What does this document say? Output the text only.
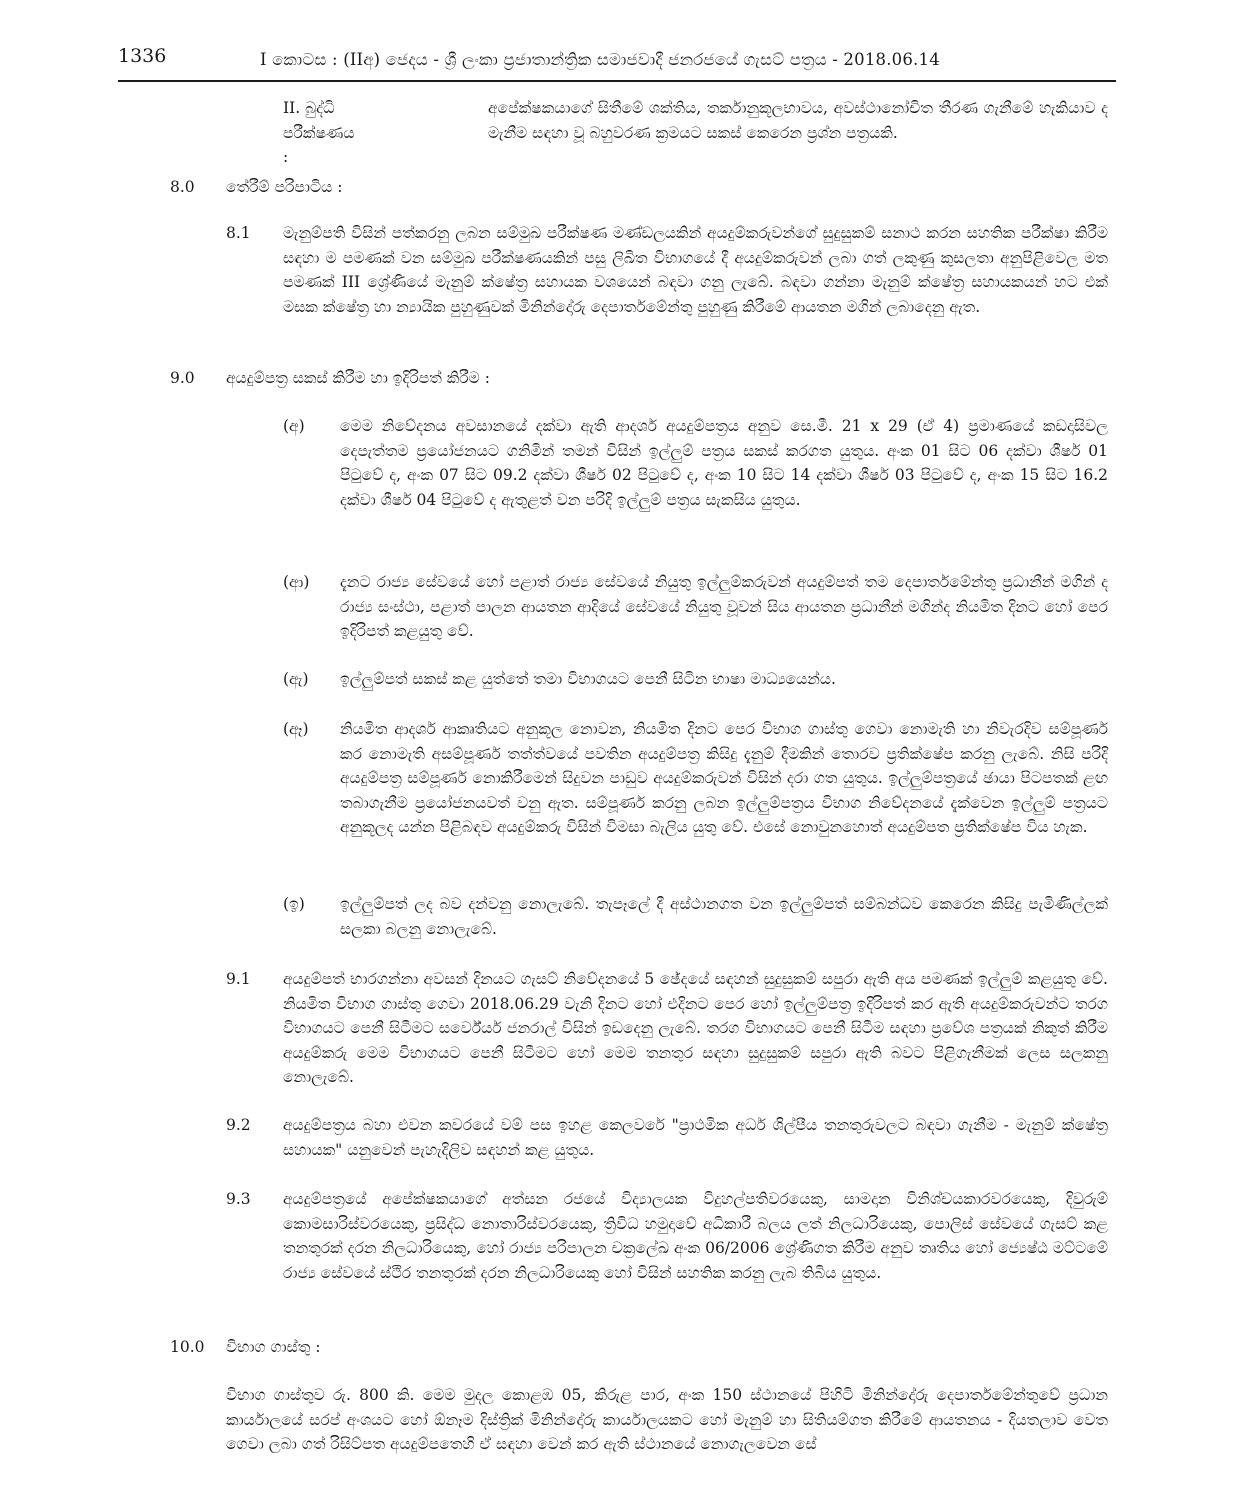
1336	I කොටස : (IIඅ) ජෙදය - ශ්‍රී ලංකා ප්‍රජාතාන්ත්‍රික සමාජවාදී ජනරජයේ ගැසට් පත්‍රය - 2018.06.14
II. බුද්ධි පරීක්ෂණය :
අපේක්ෂකයාගේ සිතීමේ ශක්තිය, තර්කානුකූලභාවය, අවස්ථානෝචිත තීරණ ගැනීමේ හැකියාව ද මැනීම සඳහා වූ බහුවරණ ක්‍රමයට සකස් කෙරෙන ප්‍රශ්න පත්‍රයකි.
8.0 තේරීම් පරිපාටිය :
8.1 මැනුම්පති විසින් පත්කරනු ලබන සම්මුඛ පරීක්ෂණ මණ්ඩලයකින් අයදුම්කරුවන්ගේ සුදුසුකම් සනාථ කරන සහතික පරීක්ෂා කිරීම සඳහා ම පමණක් වන සම්මුඛ පරීක්ෂණයකින් පසු ලිඛිත විභාගයේ දී අයදුම්කරුවන් ලබා ගත් ලකුණු කුසලතා අනුපිළිවෙල මත පමණක් III ශ්‍රේණියේ මැනුම් ක්ෂේත්‍ර සහායක වශයෙන් බඳවා ගනු ලැබේ. බඳවා ගන්නා මැනුම් ක්ෂේත්‍ර සහායකයන් හට එක් මසක ක්ෂේත්‍ර හා න්‍යායික පුහුණුවක් මිනින්දෝරු දෙපාර්තමේන්තු පුහුණු කිරීමේ ආයතන මගින් ලබාදෙනු ඇත.
9.0 අයදුම්පත්‍ර සකස් කිරීම හා ඉදිරිපත් කිරීම :
(අ) මෙම නිවේදනය අවසානයේ දක්වා ඇති ආදර්ශ අයදුම්පත්‍රය අනුව සෙ.මී. 21 x 29 (ඒ 4) ප්‍රමාණයේ කඩදාසිවල දෙපැත්තම ප්‍රයෝජනයට ගනිමින් තමන් විසින් ඉල්ලුම් පත්‍රය සකස් කරගත යුතුය. අංක 01 සිට 06 දක්වා ශීර්ෂ 01 පිටුවේ ද, අංක 07 සිට 09.2 දක්වා ශීර්ෂ 02 පිටුවේ ද, අංක 10 සිට 14 දක්වා ශීර්ෂ 03 පිටුවේ ද, අංක 15 සිට 16.2 දක්වා ශීර්ෂ 04 පිටුවේ ද ඇතුළත් වන පරිදි ඉල්ලුම් පත්‍රය සැකසිය යුතුය.
(ආ) දැනට රාජ්‍ය සේවයේ හෝ පළාත් රාජ්‍ය සේවයේ නියුතු ඉල්ලුම්කරුවන් අයදුම්පත් තම දෙපාර්තමේන්තු ප්‍රධානීන් මගින් ද රාජ්‍ය සංස්ථා, පළාත් පාලන ආයතන ආදියේ සේවයේ නියුතු වූවන් සිය ආයතන ප්‍රධානීන් මගින්ද නියමිත දිනට හෝ පෙර ඉදිරිපත් කළයුතු වේ.
(ඇ) ඉල්ලුම්පත් සකස් කළ යුත්තේ තමා විභාගයට පෙනී සිටින භාෂා මාධ්‍යයෙන්ය.
(ඈ) නියමිත ආදර්ශ ආකෘතියට අනුකූල නොවන, නියමිත දිනට පෙර විභාග ගාස්තු ගෙවා නොමැති හා නිවැරදිව සම්පූර්ණ කර නොමැති අසම්පූර්ණ තත්ත්වයේ පවතින අයදුම්පත්‍ර කිසිදු දැනුම් දීමකින් තොරව ප්‍රතික්ෂේප කරනු ලැබේ. නිසි පරිදි අයදුම්පත්‍ර සම්පූර්ණ නොකිරීමෙන් සිදුවන පාඩුව අයදුම්කරුවන් විසින් දරා ගත යුතුය. ඉල්ලුම්පත්‍රයේ ඡායා පිටපතක් ළඟ තබාගැනීම ප්‍රයෝජනයවත් වනු ඇත. සම්පූර්ණ කරනු ලබන ඉල්ලුම්පත්‍රය විභාග නිවේදනයේ දැක්වෙන ඉල්ලුම් පත්‍රයට අනුකූලද යන්න පිළිබඳව අයදුම්කරු විසින් විමසා බැලිය යුතු වේ. එසේ නොවුනහොත් අයදුම්පත ප්‍රතික්ෂේප විය හැක.
(ඉ) ඉල්ලුම්පත් ලද බව දන්වනු නොලැබේ. තැපෑලේ දී අස්ථානගත වන ඉල්ලුම්පත් සම්බන්ධව කෙරෙන කිසිදු පැමිණිල්ලක් සලකා බලනු නොලැබේ.
9.1 අයදුම්පත් භාරගන්නා අවසන් දිනයට ගැසට් නිවේදනයේ 5 ඡේදයේ සඳහන් සුදුසුකම් සපුරා ඇති අය පමණක් ඉල්ලුම් කළයුතු වේ. නියමිත විභාග ගාස්තු ගෙවා 2018.06.29 වැනි දිනට හෝ එදිනට පෙර හෝ ඉල්ලුම්පත්‍ර ඉදිරිපත් කර ඇති අයදුම්කරුවන්ට තරග විභාගයට පෙනී සිටීමට සර්වේයර් ජනරාල් විසින් ඉඩදෙනු ලැබේ. තරග විභාගයට පෙනී සිටීම සඳහා ප්‍රවේශ පත්‍රයක් නිකුත් කිරීම අයදුම්කරු මෙම විභාගයට පෙනී සිටීමට හෝ මෙම තනතුර සඳහා සුදුසුකම් සපුරා ඇති බවට පිළිගැනීමක් ලෙස සලකනු නොලැබේ.
9.2 අයදුම්පත්‍රය බහා එවන කවරයේ වම් පස ඉහළ කෙලවරේ "ප්‍රාථමික අර්ධ ශිල්පීය තනතුරුවලට බඳවා ගැනීම - මැනුම් ක්ෂේත්‍ර සහායක" යනුවෙන් පැහැදිලිව සඳහන් කළ යුතුය.
9.3 අයදුම්පත්‍රයේ අපේක්ෂකයාගේ අත්සන රජයේ විද්‍යාලයක විදුහල්පතිවරයෙකු, සාමදාන විනිශ්චයකාරවරයෙකු, දිවුරුම් කොමසාරිස්වරයෙකු, ප්‍රසිද්ධ නොතාරිස්වරයෙකු, ත්‍රිවිධ හමුදාවේ අධිකාරී බලය ලත් නිලධාරියෙකු, පොලිස් සේවයේ ගැසට් කළ තනතුරක් දරන නිලධාරියෙකු, හෝ රාජ්‍ය පරිපාලන චක්‍රලේඛ අංක 06/2006 ශ්‍රේණිගත කිරීම අනුව තෘතිය හෝ ජ්‍යෙෂ්ඨ මට්ටමේ රාජ්‍ය සේවයේ ස්ථිර තනතුරක් දරන නිලධාරියෙකු හෝ විසින් සහතික කරනු ලැබ තිබිය යුතුය.
10.0 විභාග ගාස්තු :
විභාග ගාස්තුව රු. 800 කි. මෙම මුදල කොළඹ 05, කිරුළ පාර, අංක 150 ස්ථානයේ පිහිටි මිනින්දෝරු දෙපාර්තමේන්තුවේ ප්‍රධාන කාර්යාලයේ සරප් අංශයට හෝ ඕනෑම දිස්ත්‍රික් මිනින්දෝරු කාර්යාලයකට හෝ මැනුම් හා සිතියම්ගත කිරීමේ ආයතනය - දියතලාව වෙත ගෙවා ලබා ගත් රිසිට්පත අයදුම්පතෙහි ඒ සඳහා වෙන් කර ඇති ස්ථානයේ නොගැලවෙන සේ
